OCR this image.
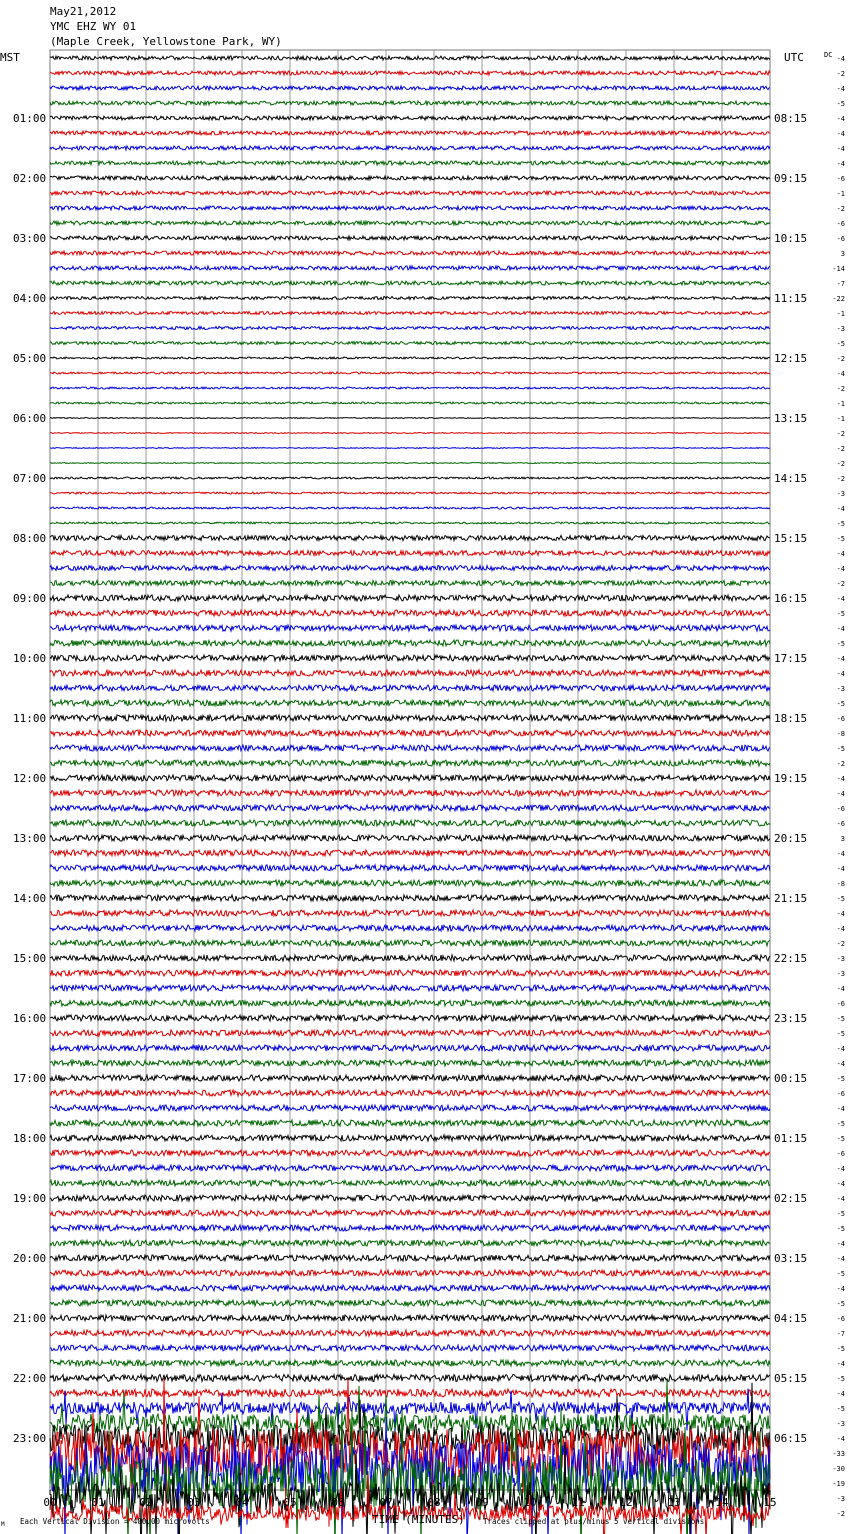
May21,2012
YMC EHZ WY 01
(Maple Creek, Yellowstone Park, WY)
MST	UTC	DC
01:00
02:00
03:00
04:00
05:00
06:00
07:00
08:00
09:00
10:00
11:00
12:00
13:00
14:00
15:00
16:00
17:00
18:00
19:00
20:00
21:00
22:00
23:00
08:15
09:15
10:15
11:15
12:15
13:15
14:15
15:15
16:15
17:15
18:15
19:15
20:15
21:15
22:15
23:15
00:15
01:15
02:15
03:15
04:15
05:15
06:15
-4
-2
-4
-5
-4
-4
-4
-4
-6
-1
-2
-6
-6
3
-14
-7
-22
-1
-3
-5
-2
-4
-2
-1
-1
-2
-2
-2
-2
-3
-4
-5
-5
-4
-4
-2
-4
-5
-4
-5
-4
-4
-3
-5
-6
-8
-5
-2
-4
-4
-6
-6
3
-4
-4
-8
-5
-4
-4
-2
-3
-3
-4
-6
-5
-5
-4
-4
-5
-6
-4
-5
-5
-6
-4
-4
-4
-5
-5
-4
-4
-5
-4
-5
-6
-7
-5
-4
-5
-4
-5
-3
-4
-33
-30
-19
-3
-2
00	01	02	03	04	05	06	07	08	09	10	11	12	13	14	15
TIME (MINUTES)
Each Vertical Division = 400.00 microvolts	Traces clipped at plus/minus 5 vertical divisions
M
